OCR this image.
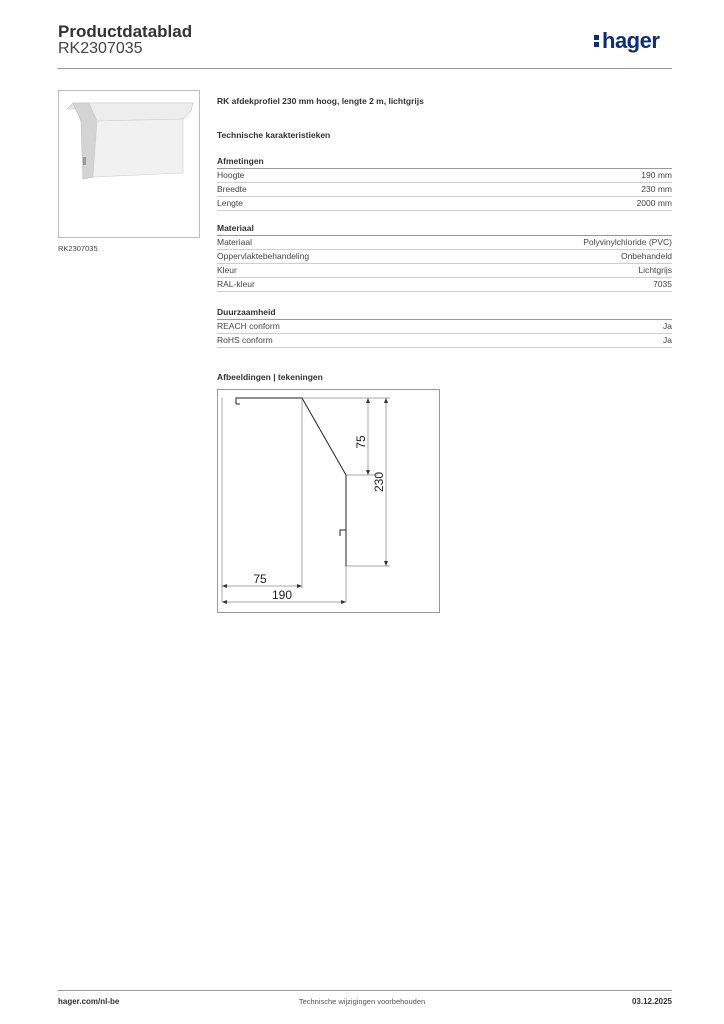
Productdatablad
RK2307035	hager
RK2307035
RK afdekprofiel 230 mm hoog, lengte 2 m, lichtgrijs
Technische karakteristieken
Afmetingen
Hoogte	190 mm
Breedte	230 mm
Lengte	2000 mm
Materiaal
Materiaal	Polyvinylchloride (PVC)
Oppervlaktebehandeling	Onbehandeld
Kleur	Lichtgrijs
RAL-kleur	7035
Duurzaamheid
REACH conform	Ja
RoHS conform	Ja
Afbeeldingen | tekeningen
75
230
75
190
hager.com/nl-be	Technische wijzigingen voorbehouden	03.12.2025
